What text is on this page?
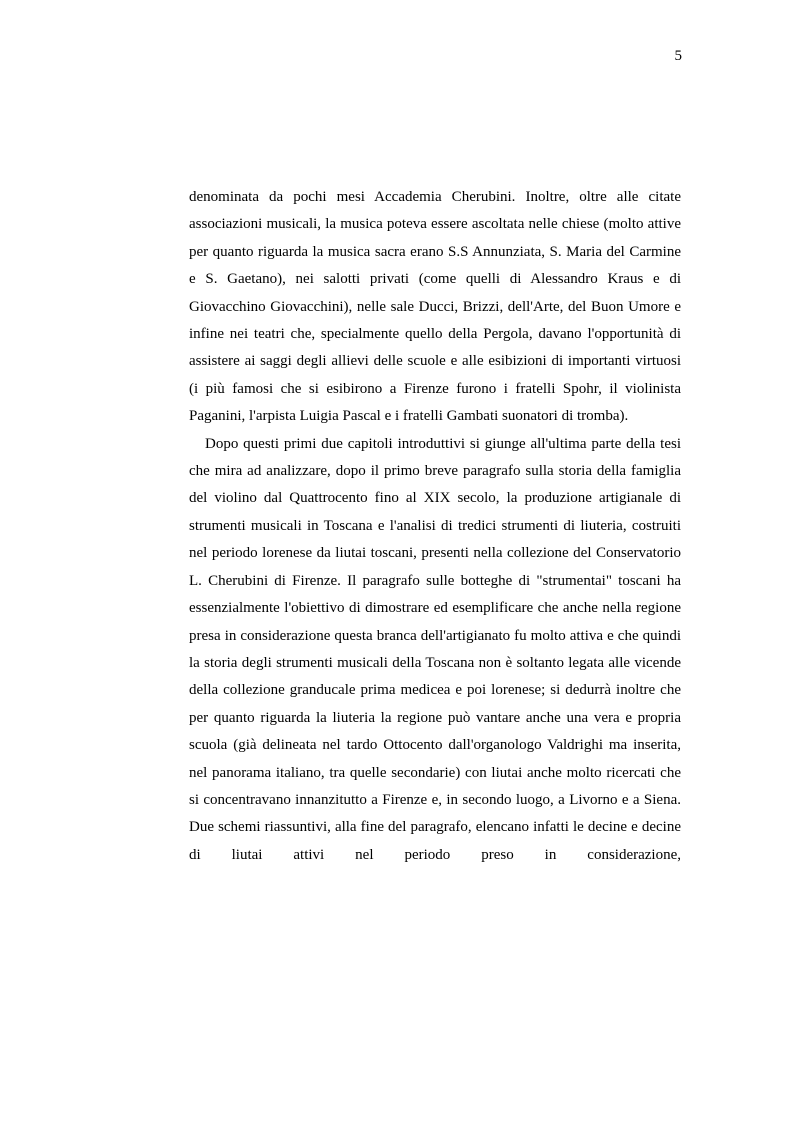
5

denominata da pochi mesi Accademia Cherubini. Inoltre, oltre alle citate associazioni musicali, la musica poteva essere ascoltata nelle chiese (molto attive per quanto riguarda la musica sacra erano S.S Annunziata, S. Maria del Carmine e S. Gaetano), nei salotti privati (come quelli di Alessandro Kraus e di Giovacchino Giovacchini), nelle sale Ducci, Brizzi, dell'Arte, del Buon Umore e infine nei teatri che, specialmente quello della Pergola, davano l'opportunità di assistere ai saggi degli allievi delle scuole e alle esibizioni di importanti virtuosi (i più famosi che si esibirono a Firenze furono i fratelli Spohr, il violinista Paganini, l'arpista Luigia Pascal e i fratelli Gambati suonatori di tromba).

Dopo questi primi due capitoli introduttivi si giunge all'ultima parte della tesi che mira ad analizzare, dopo il primo breve paragrafo sulla storia della famiglia del violino dal Quattrocento fino al XIX secolo, la produzione artigianale di strumenti musicali in Toscana e l'analisi di tredici strumenti di liuteria, costruiti nel periodo lorenese da liutai toscani, presenti nella collezione del Conservatorio L. Cherubini di Firenze. Il paragrafo sulle botteghe di "strumentai" toscani ha essenzialmente l'obiettivo di dimostrare ed esemplificare che anche nella regione presa in considerazione questa branca dell'artigianato fu molto attiva e che quindi la storia degli strumenti musicali della Toscana non è soltanto legata alle vicende della collezione granducale prima medicea e poi lorenese; si dedurrà inoltre che per quanto riguarda la liuteria la regione può vantare anche una vera e propria scuola (già delineata nel tardo Ottocento dall'organologo Valdrighi ma inserita, nel panorama italiano, tra quelle secondarie) con liutai anche molto ricercati che si concentravano innanzitutto a Firenze e, in secondo luogo, a Livorno e a Siena. Due schemi riassuntivi, alla fine del paragrafo, elencano infatti le decine e decine di liutai attivi nel periodo preso in considerazione,
